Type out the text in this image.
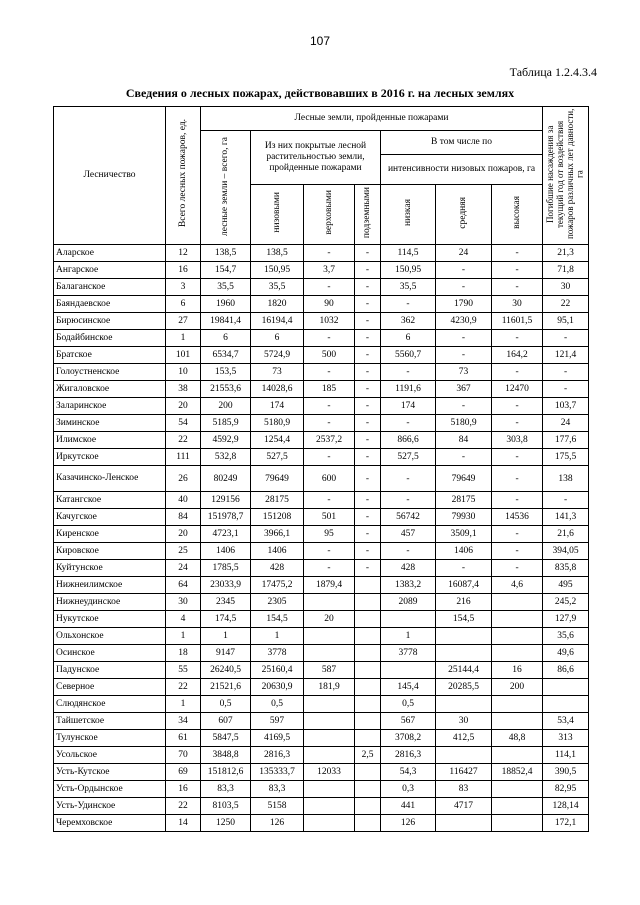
107
Таблица 1.2.4.3.4
Сведения о лесных пожарах, действовавших в 2016 г. на лесных землях
Лесничество	Всего лесных пожаров, ед.	Лесные земли, пройденные пожарами							Погибшие насаждения за текущий год от воздействия пожаров различных лет давности, га
		лесные земли – всего, га	Из них покрытые лесной растительностью земли, пройденные пожарами			В том числе по			
						интенсивности низовых пожаров, га			
			низовыми	верховыми	подземными	низкая	средняя	высокая	
Аларское	12	138,5	138,5	-	-	114,5	24	-	21,3
Ангарское	16	154,7	150,95	3,7	-	150,95	-	-	71,8
Балаганское	3	35,5	35,5	-	-	35,5	-	-	30
Баяндаевское	6	1960	1820	90	-	-	1790	30	22
Бирюсинское	27	19841,4	16194,4	1032	-	362	4230,9	11601,5	95,1
Бодайбинское	1	6	6	-	-	6	-	-	-
Братское	101	6534,7	5724,9	500	-	5560,7	-	164,2	121,4
Голоустненское	10	153,5	73	-	-	-	73	-	-
Жигаловское	38	21553,6	14028,6	185	-	1191,6	367	12470	-
Заларинское	20	200	174	-	-	174	-	-	103,7
Зиминское	54	5185,9	5180,9	-	-	-	5180,9	-	24
Илимское	22	4592,9	1254,4	2537,2	-	866,6	84	303,8	177,6
Иркутское	111	532,8	527,5	-	-	527,5	-	-	175,5
Казачинско-Ленское	26	80249	79649	600	-	-	79649	-	138
Катангское	40	129156	28175	-	-	-	28175	-	-
Качугское	84	151978,7	151208	501	-	56742	79930	14536	141,3
Киренское	20	4723,1	3966,1	95	-	457	3509,1	-	21,6
Кировское	25	1406	1406	-	-	-	1406	-	394,05
Куйтунское	24	1785,5	428	-	-	428	-	-	835,8
Нижнеилимское	64	23033,9	17475,2	1879,4		1383,2	16087,4	4,6	495
Нижнеудинское	30	2345	2305			2089	216		245,2
Нукутское	4	174,5	154,5	20			154,5		127,9
Ольхонское	1	1	1			1			35,6
Осинское	18	9147	3778			3778			49,6
Падунское	55	26240,5	25160,4	587			25144,4	16	86,6
Северное	22	21521,6	20630,9	181,9		145,4	20285,5	200	
Слюдянское	1	0,5	0,5			0,5			
Тайшетское	34	607	597			567	30		53,4
Тулунское	61	5847,5	4169,5			3708,2	412,5	48,8	313
Усольское	70	3848,8	2816,3		2,5	2816,3			114,1
Усть-Кутское	69	151812,6	135333,7	12033		54,3	116427	18852,4	390,5
Усть-Ордынское	16	83,3	83,3			0,3	83		82,95
Усть-Удинское	22	8103,5	5158			441	4717		128,14
Черемховское	14	1250	126			126			172,1
